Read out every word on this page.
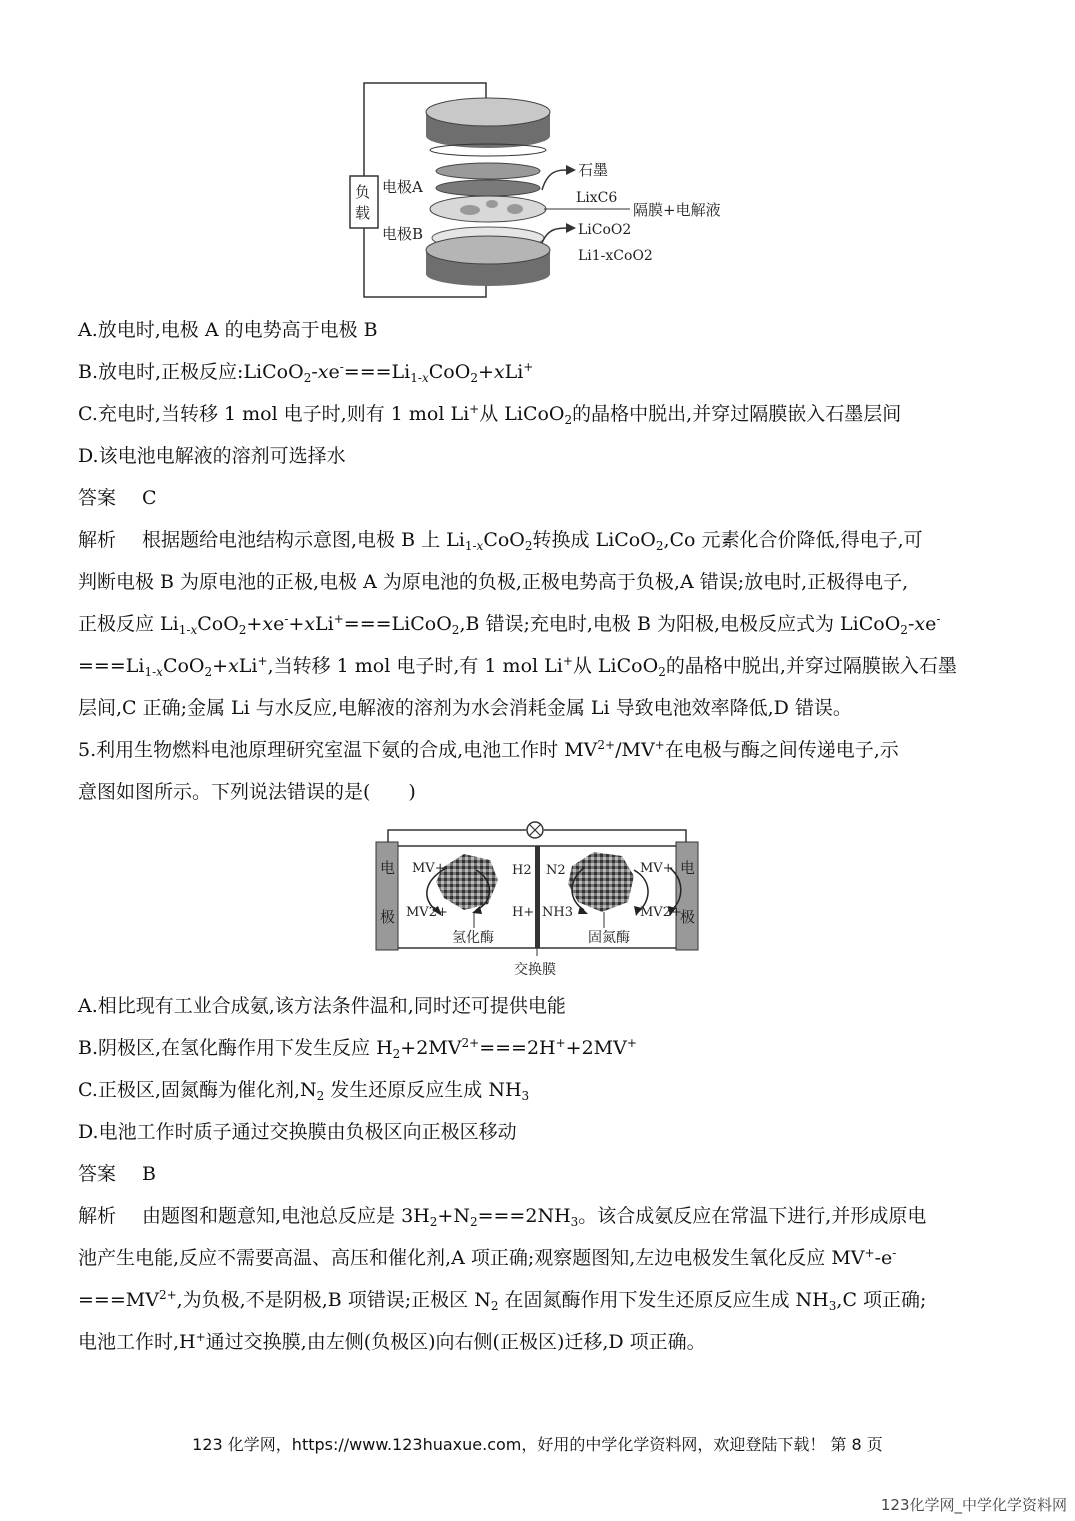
负
载
电极A
电极B
石墨
LixC6
隔膜+电解液
LiCoO2
Li1-xCoO2
A.放电时,电极 A 的电势高于电极 B
B.放电时,正极反应$:LiCoO_2-xe^-===Li_{1-x}CoO_2+xLi^+$
C.充电时,当转移 1 mol 电子时,则有 1 mol Li+从 LiCoO$_2$的晶格中脱出,并穿过隔膜嵌入石墨层间
D.该电池电解液的溶剂可选择水
答案 C
解析 根据题给电池结构示意图,电极 B 上 $Li_{1-x}CoO_2$转换成 LiCoO$_2$,Co 元素化合价降低,得电子,可
判断电极 B 为原电池的正极,电极 A 为原电池的负极,正极电势高于负极,A 错误;放电时,正极得电子,
正极反应 $Li_{1-x}CoO_2+xe^-+xLi^+===LiCoO_2,B$ 错误;充电时,电极 B 为阳极,电极反应式为 LiCoO$_2$-xe-
$===Li_{1-x}CoO_2+xLi^+$,当转移 1 mol 电子时,有 1 mol Li+从 LiCoO$_2$的晶格中脱出,并穿过隔膜嵌入石墨
层间,C 正确;金属 Li 与水反应,电解液的溶剂为水会消耗金属 Li 导致电池效率降低,D 错误。
5.利用生物燃料电池原理研究室温下氨的合成,电池工作时 $MV^{2+}/MV^+$在电极与酶之间传递电子,示
意图如图所示。下列说法错误的是(　　)
电
极
电
极
MV+
MV2+
H2
H+
氢化酶
N2
NH3
MV+
MV2+
固氮酶
交换膜
A.相比现有工业合成氨,该方法条件温和,同时还可提供电能
B.阴极区,在氢化酶作用下发生反应 $H_2+2MV^{2+}===2H^++2MV^+$
C.正极区,固氮酶为催化剂$,N_2$ 发生还原反应生成 $NH_3$
D.电池工作时质子通过交换膜由负极区向正极区移动
答案 B
解析 由题图和题意知,电池总反应是 $3H_2+N_2===2NH_3$。该合成氨反应在常温下进行,并形成原电
池产生电能,反应不需要高温、高压和催化剂,A 项正确;观察题图知,左边电极发生氧化反应 MV+-e-
$===MV^{2+}$,为负极,不是阴极,B 项错误;正极区 $N_2$ 在固氮酶作用下发生还原反应生成 $NH_3,C$ 项正确;
电池工作时,H+通过交换膜,由左侧(负极区)向右侧(正极区)迁移,D 项正确。
123 化学网，https://www.123huaxue.com，好用的中学化学资料网，欢迎登陆下载！ 第 8 页
123化学网_中学化学资料网
